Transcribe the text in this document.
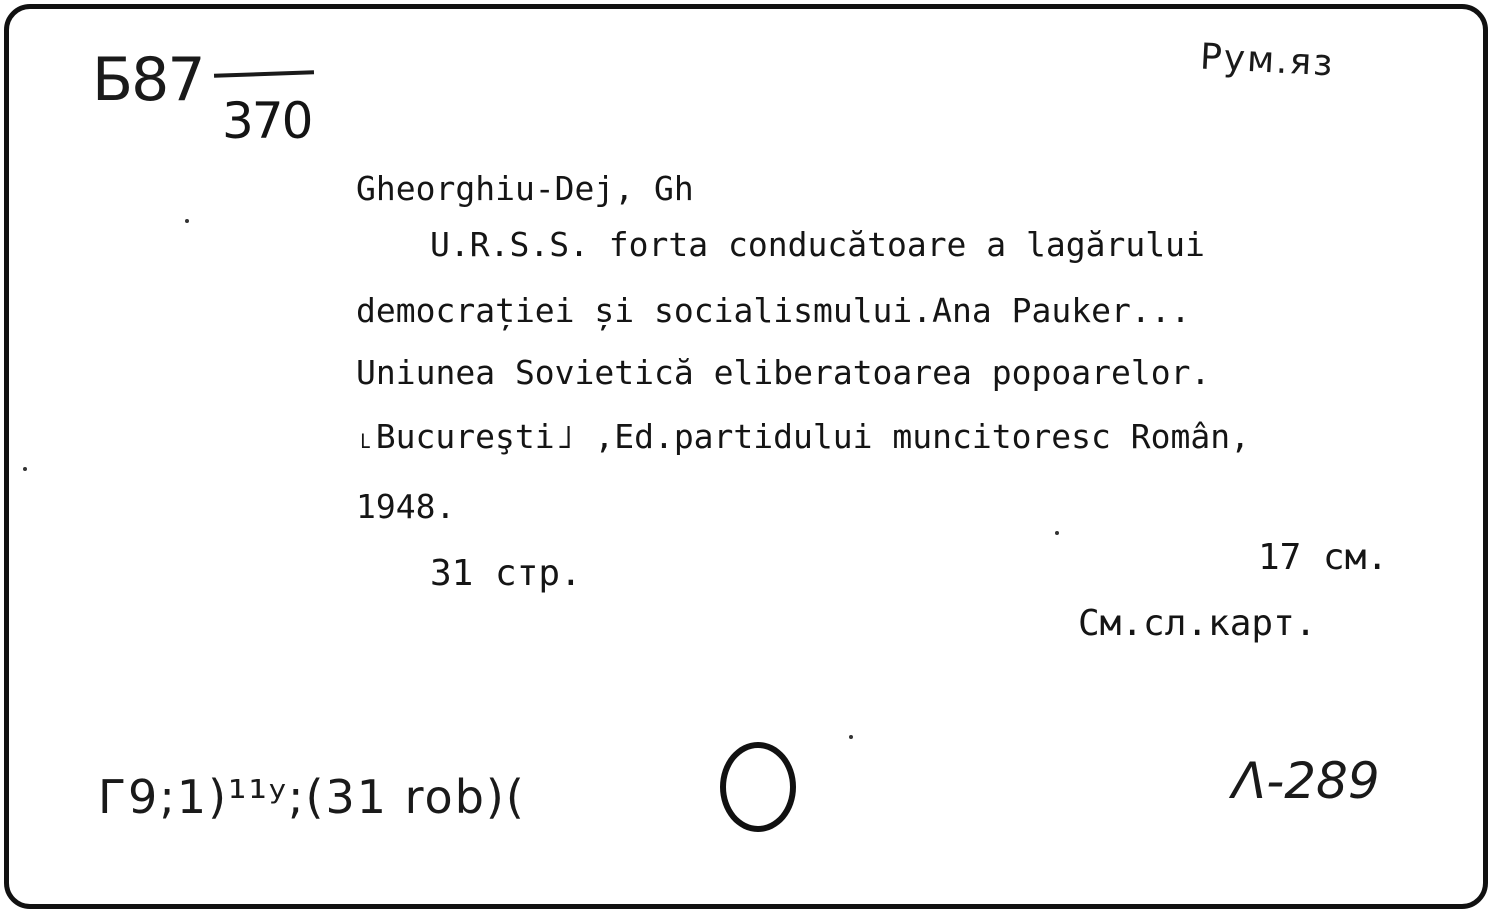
Б87
370
Рум.яз
Gheorghiu-Dej, Gh
U.R.S.S. forta conducătoare a lagărului
democrației și socialismului.Ana Pauker...
Uniunea Sovietică eliberatoarea popoarelor.
˪Bucureşti˩ ,Ed.partidului muncitoresc Român,
1948.
31 стр.	17 см.
См.сл.карт.
Г9;1)¹¹ʸ;(31 rob)(	Λ-289
